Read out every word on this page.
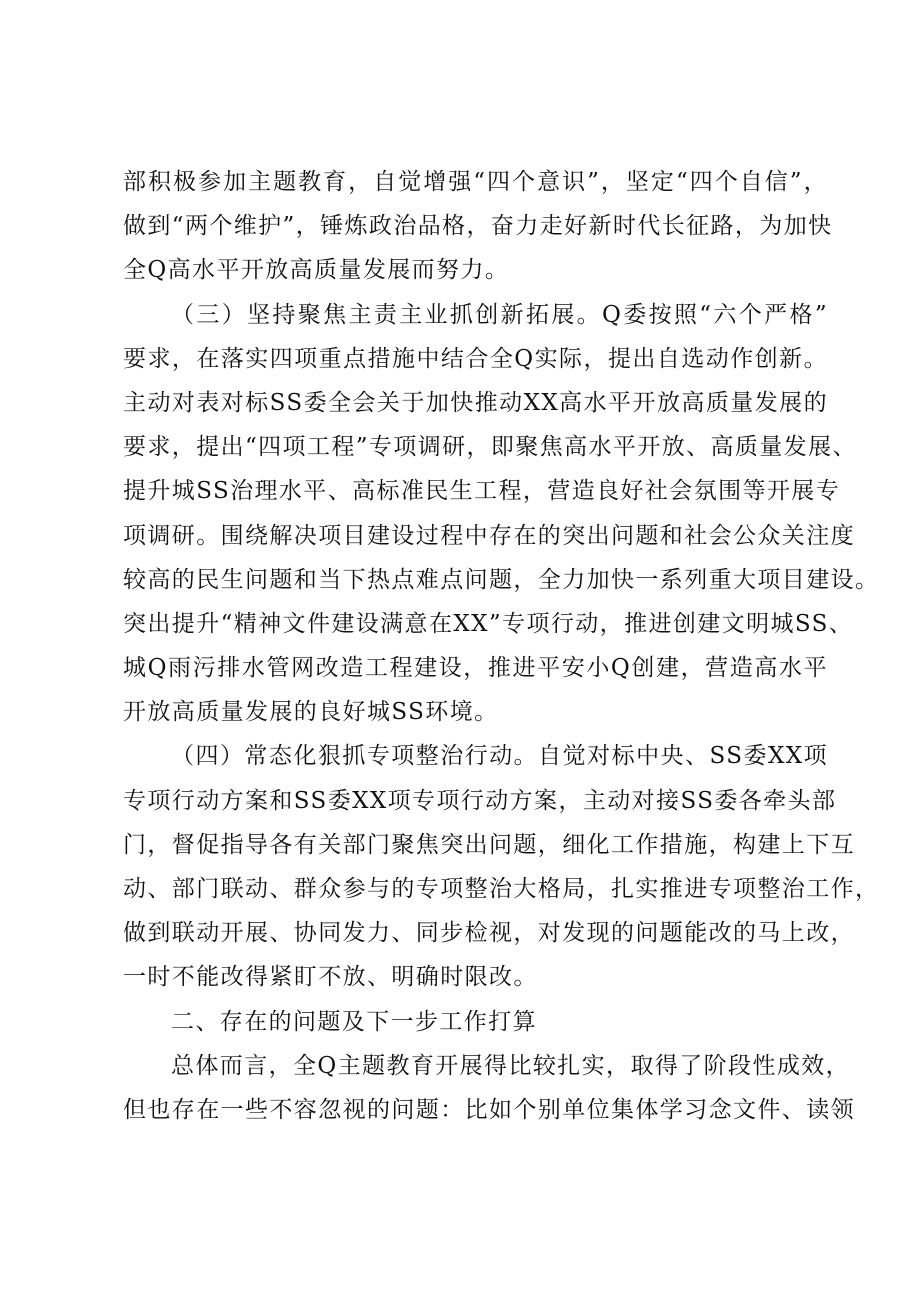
部积极参加主题教育，自觉增强“四个意识”，坚定“四个自信”，
做到“两个维护”，锤炼政治品格，奋力走好新时代长征路，为加快
全Q高水平开放高质量发展而努力。
（三）坚持聚焦主责主业抓创新拓展。Q委按照“六个严格”
要求，在落实四项重点措施中结合全Q实际，提出自选动作创新。
主动对表对标SS委全会关于加快推动XX高水平开放高质量发展的
要求，提出“四项工程”专项调研，即聚焦高水平开放、高质量发展、
提升城SS治理水平、高标准民生工程，营造良好社会氛围等开展专
项调研。围绕解决项目建设过程中存在的突出问题和社会公众关注度
较高的民生问题和当下热点难点问题，全力加快一系列重大项目建设。
突出提升“精神文件建设满意在XX”专项行动，推进创建文明城SS、
城Q雨污排水管网改造工程建设，推进平安小Q创建，营造高水平
开放高质量发展的良好城SS环境。
（四）常态化狠抓专项整治行动。自觉对标中央、SS委XX项
专项行动方案和SS委XX项专项行动方案，主动对接SS委各牵头部
门，督促指导各有关部门聚焦突出问题，细化工作措施，构建上下互
动、部门联动、群众参与的专项整治大格局，扎实推进专项整治工作，
做到联动开展、协同发力、同步检视，对发现的问题能改的马上改，
一时不能改得紧盯不放、明确时限改。
二、存在的问题及下一步工作打算
总体而言，全Q主题教育开展得比较扎实，取得了阶段性成效，
但也存在一些不容忽视的问题：比如个别单位集体学习念文件、读领
